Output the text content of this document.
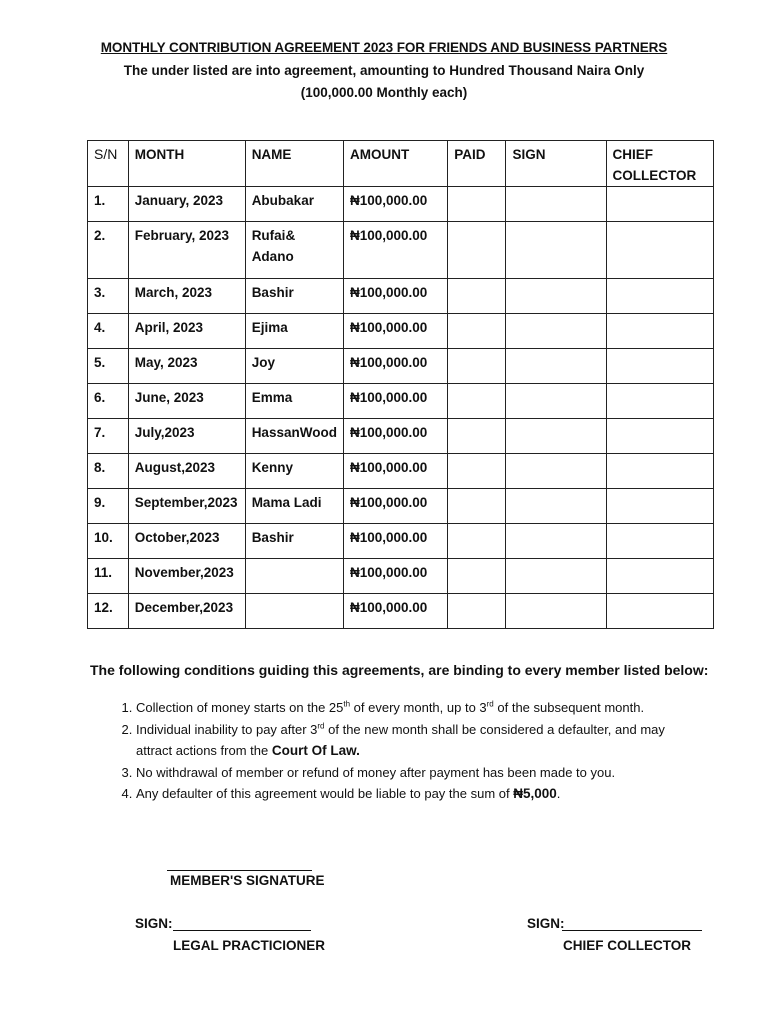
MONTHLY CONTRIBUTION AGREEMENT 2023 FOR FRIENDS AND BUSINESS PARTNERS
The under listed are into agreement, amounting to Hundred Thousand Naira Only
(100,000.00 Monthly each)
S/N	MONTH	NAME	AMOUNT	PAID	SIGN	CHIEF COLLECTOR
1.	January, 2023	Abubakar	₦100,000.00			
2.	February, 2023	Rufai& Adano	₦100,000.00			
3.	March, 2023	Bashir	₦100,000.00			
4.	April, 2023	Ejima	₦100,000.00			
5.	May, 2023	Joy	₦100,000.00			
6.	June, 2023	Emma	₦100,000.00			
7.	July,2023	HassanWood	₦100,000.00			
8.	August,2023	Kenny	₦100,000.00			
9.	September,2023	Mama Ladi	₦100,000.00			
10.	October,2023	Bashir	₦100,000.00			
11.	November,2023		₦100,000.00			
12.	December,2023		₦100,000.00			
The following conditions guiding this agreements, are binding to every member listed below:
1. Collection of money starts on the 25th of every month, up to 3rd of the subsequent month.
2. Individual inability to pay after 3rd of the new month shall be considered a defaulter, and may attract actions from the Court Of Law.
3. No withdrawal of member or refund of money after payment has been made to you.
4. Any defaulter of this agreement would be liable to pay the sum of ₦5,000.
MEMBER'S SIGNATURE
SIGN:
LEGAL PRACTICIONER
SIGN:
CHIEF COLLECTOR
